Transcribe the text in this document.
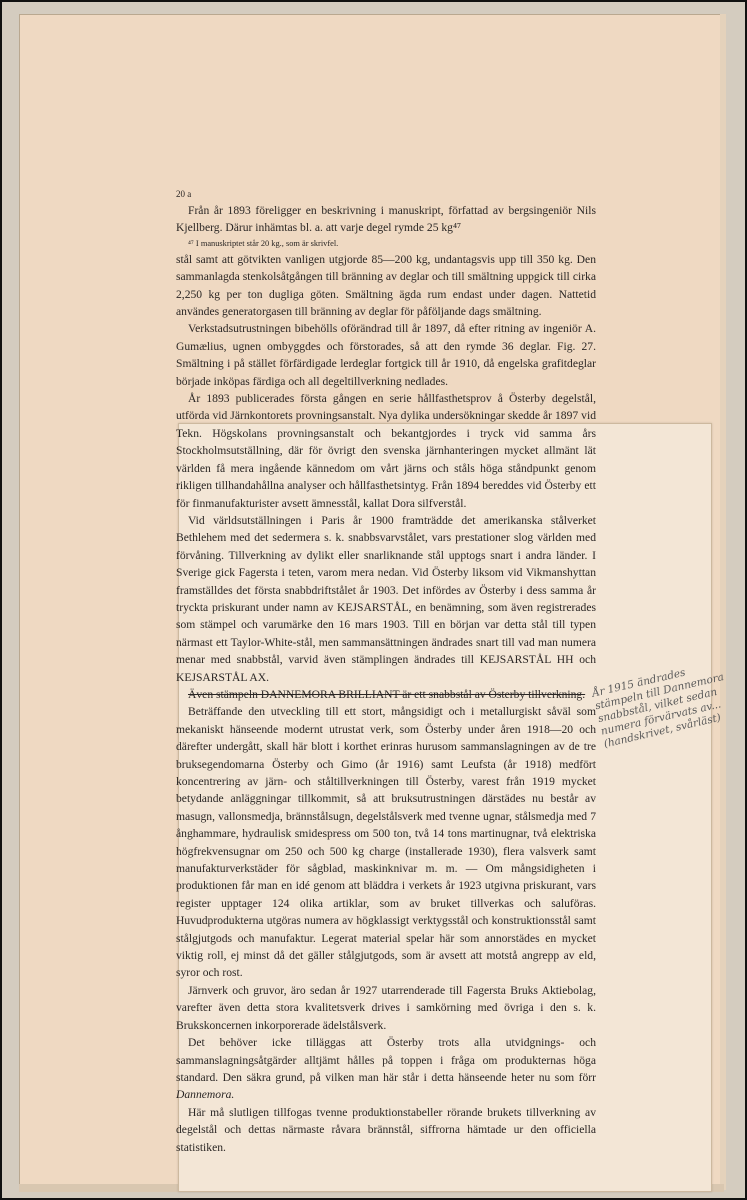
20 a

Från år 1893 föreligger en beskrivning i manuskript, författad av bergsingeniör Nils Kjellberg. Därur inhämtas bl. a. att varje degel rymde 25 kg⁴⁷

⁴⁷ I manuskriptet står 20 kg., som är skrivfel.

stål samt att götvikten vanligen utgjorde 85—200 kg, undantagsvis upp till 350 kg. Den sammanlagda stenkolsåtgången till bränning av deglar och till smältning uppgick till cirka 2,250 kg per ton dugliga göten. Smältning ägda rum endast under dagen. Nattetid användes generatorgasen till bränning av deglar för påföljande dags smältning.

Verkstadsutrustningen bibehölls oförändrad till år 1897, då efter ritning av ingeniör A. Gumælius, ugnen ombyggdes och förstorades, så att den rymde 36 deglar. Fig. 27. Smältning i på stället förfärdigade lerdeglar fortgick till år 1910, då engelska grafitdeglar började inköpas färdiga och all degeltillverkning nedlades.

År 1893 publicerades första gången en serie hållfasthetsprov å Österby degelstål, utförda vid Järnkontorets provningsanstalt. Nya dylika undersökningar skedde år 1897 vid Tekn. Högskolans provningsanstalt och bekantgjordes i tryck vid samma års Stockholmsutställning, där för övrigt den svenska järnhanteringen mycket allmänt lät världen få mera ingående kännedom om vårt järns och ståls höga ståndpunkt genom rikligen tillhandahållna analyser och hållfasthetsintyg. Från 1894 bereddes vid Österby ett för finmanufakturister avsett ämnesstål, kallat Dora silfverstål.

Vid världsutställningen i Paris år 1900 framträdde det amerikanska stålverket Bethlehem med det sedermera s. k. snabbsvarvstålet, vars prestationer slog världen med förvåning. Tillverkning av dylikt eller snarliknande stål upptogs snart i andra länder. I Sverige gick Fagersta i teten, varom mera nedan. Vid Österby liksom vid Vikmanshyttan framställdes det första snabbdriftstålet år 1903. Det infördes av Österby i dess samma år tryckta priskurant under namn av KEJSARSTÅL, en benämning, som även registrerades som stämpel och varumärke den 16 mars 1903. Till en början var detta stål till typen närmast ett Taylor-White-stål, men sammansättningen ändrades snart till vad man numera menar med snabbstål, varvid även stämplingen ändrades till KEJSARSTÅL HH och KEJSARSTÅL AX.

Även stämpeln DANNEMORA BRILLIANT är ett snabbstål av Österby tillverkning.

Beträffande den utveckling till ett stort, mångsidigt och i metallurgiskt såväl som mekaniskt hänseende modernt utrustat verk, som Österby under åren 1918—20 och därefter undergått, skall här blott i korthet erinras hurusom sammanslagningen av de tre bruksegendomarna Österby och Gimo (år 1916) samt Leufsta (år 1918) medfört koncentrering av järn- och ståltillverkningen till Österby, varest från 1919 mycket betydande anläggningar tillkommit, så att bruksutrustningen därstädes nu består av masugn, vallonsmedja, brännstålsugn, degelstålsverk med tvenne ugnar, stålsmedja med 7 ånghammare, hydraulisk smidespress om 500 ton, två 14 tons martinugnar, två elektriska högfrekvensugnar om 250 och 500 kg charge (installerade 1930), flera valsverk samt manufakturverkstäder för sågblad, maskinknivar m. m. — Om mångsidigheten i produktionen får man en idé genom att bläddra i verkets år 1923 utgivna priskurant, vars register upptager 124 olika artiklar, som av bruket tillverkas och saluföras. Huvudprodukterna utgöras numera av högklassigt verktygsstål och konstruktionsstål samt stålgjutgods och manufaktur. Legerat material spelar här som annorstädes en mycket viktig roll, ej minst då det gäller stålgjutgods, som är avsett att motstå angrepp av eld, syror och rost.

Järnverk och gruvor, äro sedan år 1927 utarrenderade till Fagersta Bruks Aktiebolag, varefter även detta stora kvalitetsverk drives i samkörning med övriga i den s. k. Brukskoncernen inkorporerade ädelstålsverk.

Det behöver icke tilläggas att Österby trots alla utvidgnings- och sammanslagningsåtgärder alltjämt hålles på toppen i fråga om produkternas höga standard. Den säkra grund, på vilken man här står i detta hänseende heter nu som förr Dannemora.

Här må slutligen tillfogas tvenne produktionstabeller rörande brukets tillverkning av degelstål och dettas närmaste råvara brännstål, siffrorna hämtade ur den officiella statistiken.

År 1915 ändrades stämpeln till Dannemora snabbstål, vilket sedan numera förvärvats av... (handskrivet, svårläst)
